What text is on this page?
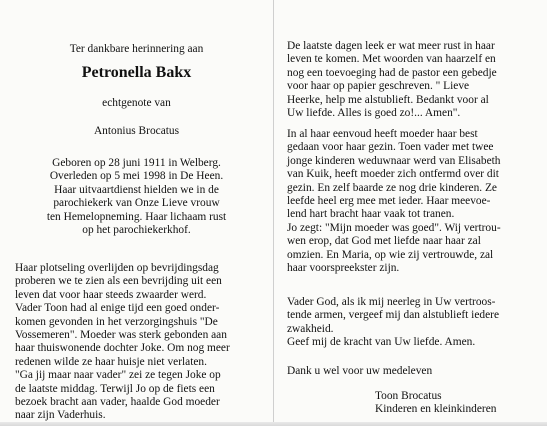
Ter dankbare herinnering aan
Petronella Bakx
echtgenote van
Antonius Brocatus
Geboren op 28 juni 1911 in Welberg.
Overleden op 5 mei 1998 in De Heen.
Haar uitvaartdienst hielden we in de
parochiekerk van Onze Lieve vrouw
ten Hemelopneming. Haar lichaam rust
op het parochiekerkhof.
Haar plotseling overlijden op bevrijdingsdag
proberen we te zien als een bevrijding uit een
leven dat voor haar steeds zwaarder werd.
Vader Toon had al enige tijd een goed onder-
komen gevonden in het verzorgingshuis "De
Vossemeren". Moeder was sterk gebonden aan
haar thuiswonende dochter Joke. Om nog meer
redenen wilde ze haar huisje niet verlaten.
"Ga jij maar naar vader" zei ze tegen Joke op
de laatste middag. Terwijl Jo op de fiets een
bezoek bracht aan vader, haalde God moeder
naar zijn Vaderhuis.
De laatste dagen leek er wat meer rust in haar
leven te komen. Met woorden van haarzelf en
nog een toevoeging had de pastor een gebedje
voor haar op papier geschreven. " Lieve
Heerke, help me alstublieft. Bedankt voor al
Uw liefde. Alles is goed zo!... Amen".
In al haar eenvoud heeft moeder haar best
gedaan voor haar gezin. Toen vader met twee
jonge kinderen weduwnaar werd van Elisabeth
van Kuik, heeft moeder zich ontfermd over dit
gezin. En zelf baarde ze nog drie kinderen. Ze
leefde heel erg mee met ieder. Haar meevoe-
lend hart bracht haar vaak tot tranen.
Jo zegt: "Mijn moeder was goed". Wij vertrou-
wen erop, dat God met liefde naar haar zal
omzien. En Maria, op wie zij vertrouwde, zal
haar voorspreekster zijn.
Vader God, als ik mij neerleg in Uw vertroos-
tende armen, vergeef mij dan alstublieft iedere
zwakheid.
Geef mij de kracht van Uw liefde. Amen.
Dank u wel voor uw medeleven
Toon Brocatus
Kinderen en kleinkinderen
